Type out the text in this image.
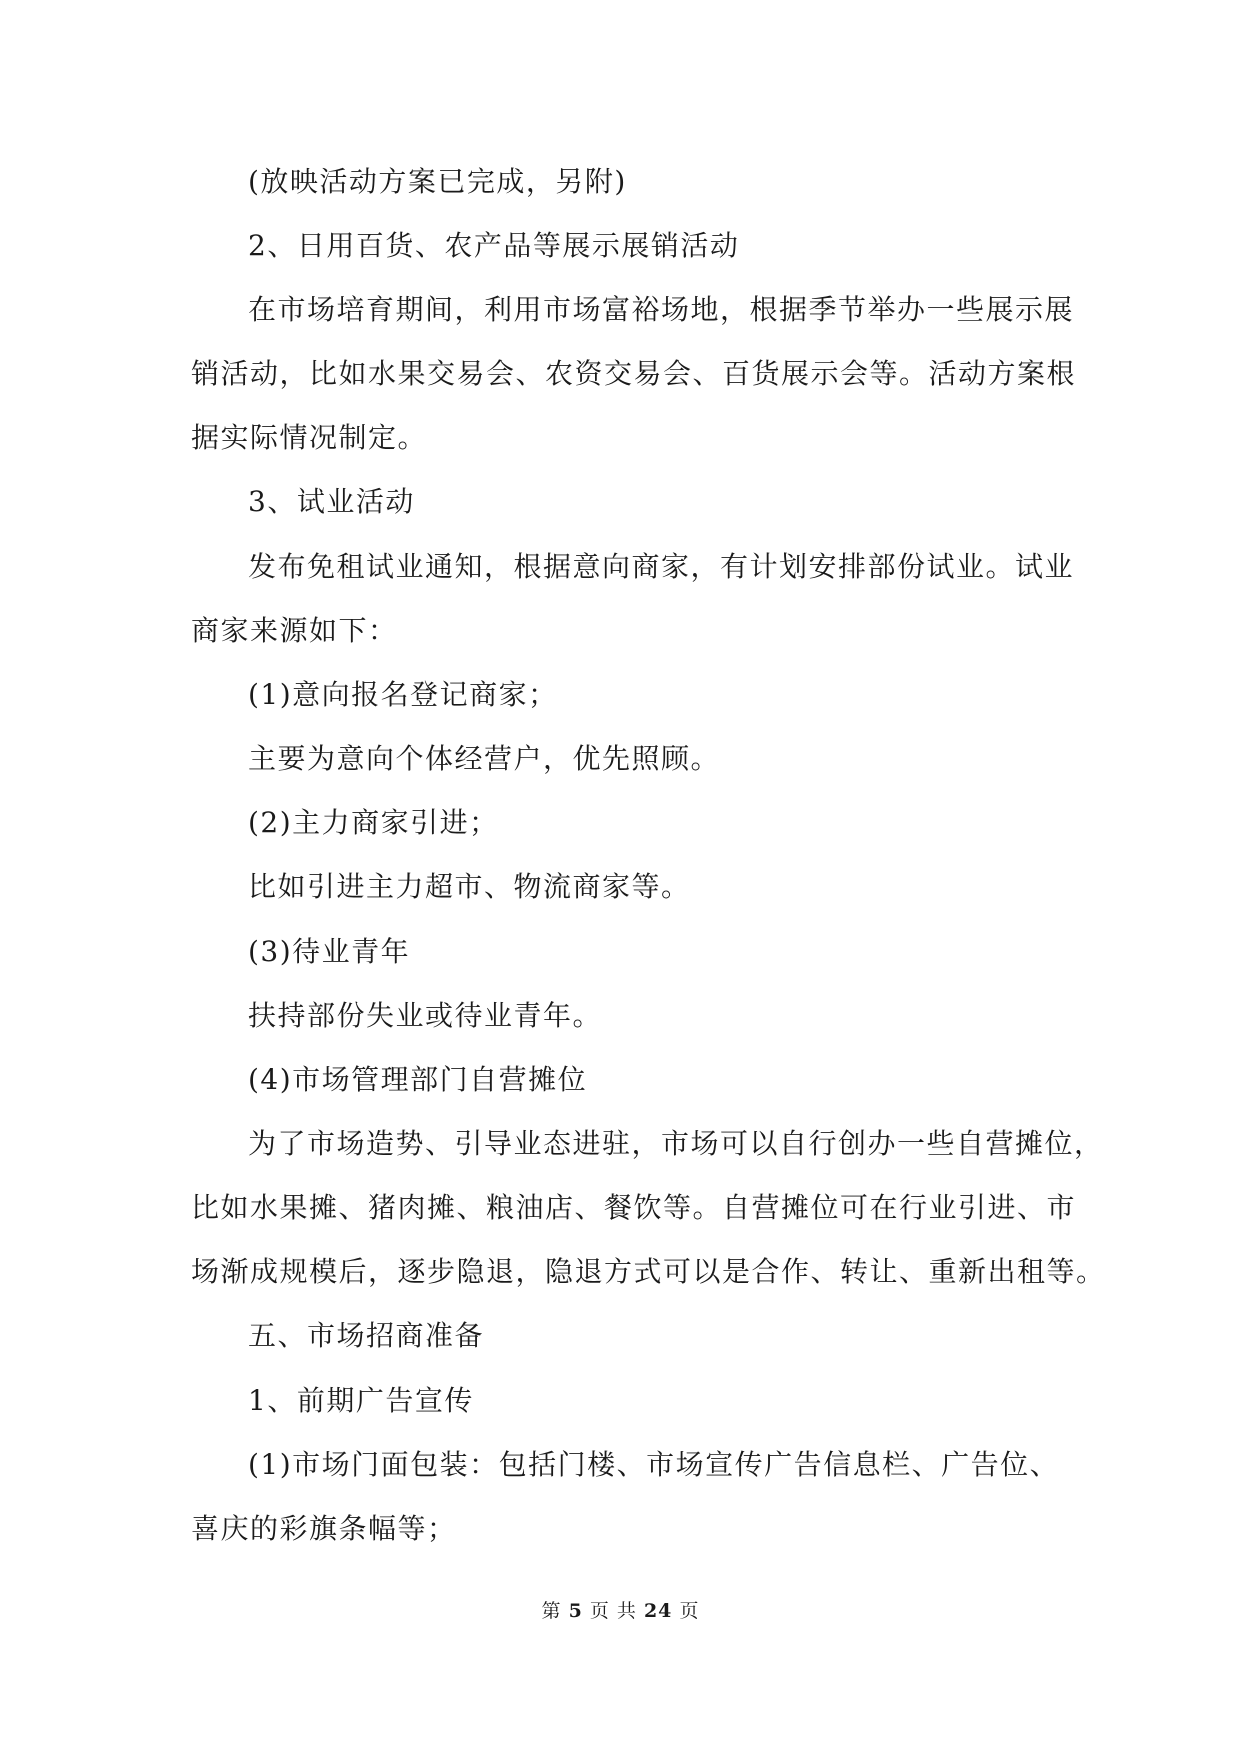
(放映活动方案已完成，另附)
2、日用百货、农产品等展示展销活动
在市场培育期间，利用市场富裕场地，根据季节举办一些展示展
销活动，比如水果交易会、农资交易会、百货展示会等。活动方案根
据实际情况制定。
3、试业活动
发布免租试业通知，根据意向商家，有计划安排部份试业。试业
商家来源如下：
(1)意向报名登记商家；
主要为意向个体经营户，优先照顾。
(2)主力商家引进；
比如引进主力超市、物流商家等。
(3)待业青年
扶持部份失业或待业青年。
(4)市场管理部门自营摊位
为了市场造势、引导业态进驻，市场可以自行创办一些自营摊位，
比如水果摊、猪肉摊、粮油店、餐饮等。自营摊位可在行业引进、市
场渐成规模后，逐步隐退，隐退方式可以是合作、转让、重新出租等。
五、市场招商准备
1、前期广告宣传
(1)市场门面包装：包括门楼、市场宣传广告信息栏、广告位、
喜庆的彩旗条幅等；
第 5 页 共 24 页
